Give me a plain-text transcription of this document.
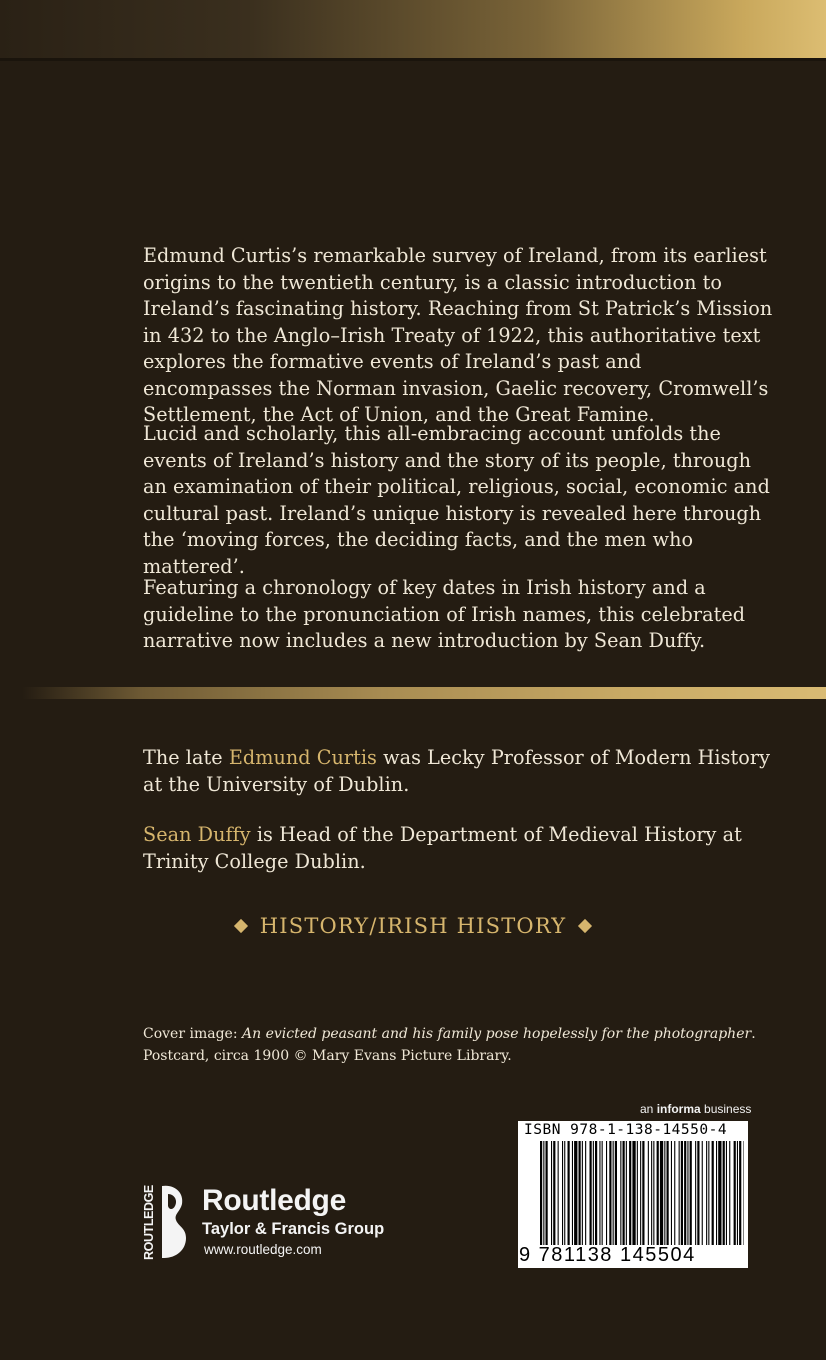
Edmund Curtis’s remarkable survey of Ireland, from its earliest origins to the twentieth century, is a classic introduction to Ireland’s fascinating history. Reaching from St Patrick’s Mission in 432 to the Anglo–Irish Treaty of 1922, this authoritative text explores the formative events of Ireland’s past and encompasses the Norman invasion, Gaelic recovery, Cromwell’s Settlement, the Act of Union, and the Great Famine.

Lucid and scholarly, this all-embracing account unfolds the events of Ireland’s history and the story of its people, through an examination of their political, religious, social, economic and cultural past. Ireland’s unique history is revealed here through the ‘moving forces, the deciding facts, and the men who mattered’.

Featuring a chronology of key dates in Irish history and a guideline to the pronunciation of Irish names, this celebrated narrative now includes a new introduction by Sean Duffy.

The late Edmund Curtis was Lecky Professor of Modern History at the University of Dublin.

Sean Duffy is Head of the Department of Medieval History at Trinity College Dublin.

HISTORY/IRISH HISTORY

Cover image: An evicted peasant and his family pose hopelessly for the photographer. Postcard, circa 1900 © Mary Evans Picture Library.

an informa business
ISBN 978-1-138-14550-4
9 781138 145504
ROUTLEDGE Routledge
Taylor & Francis Group
www.routledge.com
